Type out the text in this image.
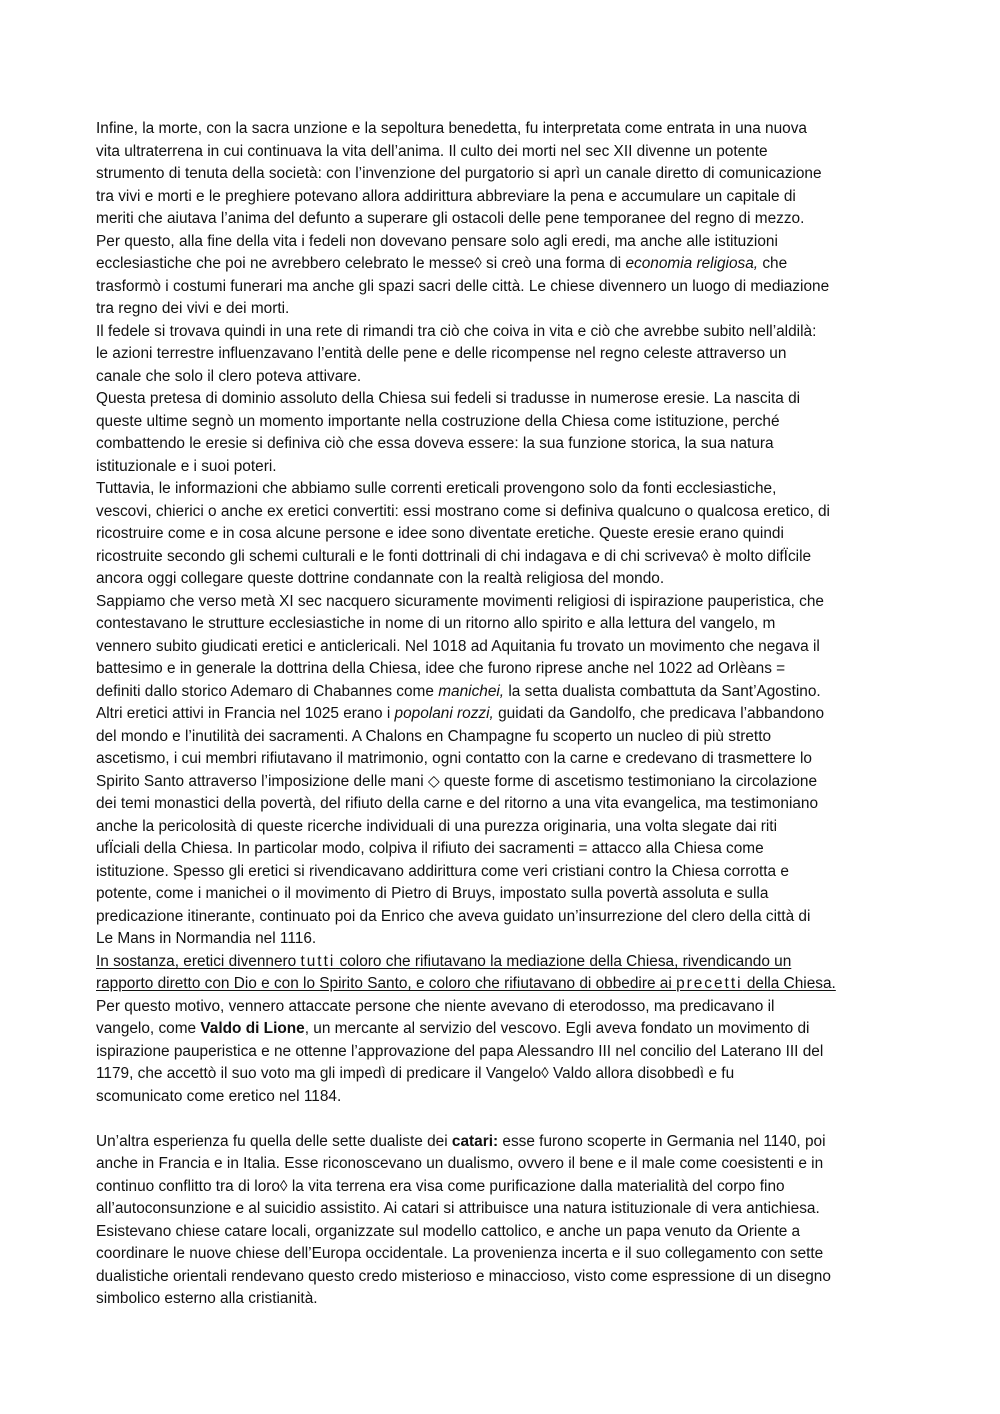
Infine, la morte, con la sacra unzione e la sepoltura benedetta, fu interpretata come entrata in una nuova
vita ultraterrena in cui continuava la vita dell’anima. Il culto dei morti nel sec XII divenne un potente
strumento di tenuta della società: con l’invenzione del purgatorio si aprì un canale diretto di comunicazione
tra vivi e morti e le preghiere potevano allora addirittura abbreviare la pena e accumulare un capitale di
meriti che aiutava l’anima del defunto a superare gli ostacoli delle pene temporanee del regno di mezzo.
Per questo, alla fine della vita i fedeli non dovevano pensare solo agli eredi, ma anche alle istituzioni
ecclesiastiche che poi ne avrebbero celebrato le messe◊ si creò una forma di economia religiosa, che
trasformò i costumi funerari ma anche gli spazi sacri delle città. Le chiese divennero un luogo di mediazione
tra regno dei vivi e dei morti.
Il fedele si trovava quindi in una rete di rimandi tra ciò che coiva in vita e ciò che avrebbe subito nell’aldilà:
le azioni terrestre influenzavano l’entità delle pene e delle ricompense nel regno celeste attraverso un
canale che solo il clero poteva attivare.
Questa pretesa di dominio assoluto della Chiesa sui fedeli si tradusse in numerose eresie. La nascita di
queste ultime segnò un momento importante nella costruzione della Chiesa come istituzione, perché
combattendo le eresie si definiva ciò che essa doveva essere: la sua funzione storica, la sua natura
istituzionale e i suoi poteri.
Tuttavia, le informazioni che abbiamo sulle correnti ereticali provengono solo da fonti ecclesiastiche,
vescovi, chierici o anche ex eretici convertiti: essi mostrano come si definiva qualcuno o qualcosa eretico, di
ricostruire come e in cosa alcune persone e idee sono diventate eretiche. Queste eresie erano quindi
ricostruite secondo gli schemi culturali e le fonti dottrinali di chi indagava e di chi scriveva◊ è molto difÏcile
ancora oggi collegare queste dottrine condannate con la realtà religiosa del mondo.
Sappiamo che verso metà XI sec nacquero sicuramente movimenti religiosi di ispirazione pauperistica, che
contestavano le strutture ecclesiastiche in nome di un ritorno allo spirito e alla lettura del vangelo, m
vennero subito giudicati eretici e anticlericali. Nel 1018 ad Aquitania fu trovato un movimento che negava il
battesimo e in generale la dottrina della Chiesa, idee che furono riprese anche nel 1022 ad Orlèans =
definiti dallo storico Ademaro di Chabannes come manichei, la setta dualista combattuta da Sant’Agostino.
Altri eretici attivi in Francia nel 1025 erano i popolani rozzi, guidati da Gandolfo, che predicava l’abbandono
del mondo e l’inutilità dei sacramenti. A Chalons en Champagne fu scoperto un nucleo di più stretto
ascetismo, i cui membri rifiutavano il matrimonio, ogni contatto con la carne e credevano di trasmettere lo
Spirito Santo attraverso l’imposizione delle mani ◇ queste forme di ascetismo testimoniano la circolazione
dei temi monastici della povertà, del rifiuto della carne e del ritorno a una vita evangelica, ma testimoniano
anche la pericolosità di queste ricerche individuali di una purezza originaria, una volta slegate dai riti
ufÏciali della Chiesa. In particolar modo, colpiva il rifiuto dei sacramenti = attacco alla Chiesa come
istituzione. Spesso gli eretici si rivendicavano addirittura come veri cristiani contro la Chiesa corrotta e
potente, come i manichei o il movimento di Pietro di Bruys, impostato sulla povertà assoluta e sulla
predicazione itinerante, continuato poi da Enrico che aveva guidato un’insurrezione del clero della città di
Le Mans in Normandia nel 1116.
In sostanza, eretici divennero tutti coloro che rifiutavano la mediazione della Chiesa, rivendicando un
rapporto diretto con Dio e con lo Spirito Santo, e coloro che rifiutavano di obbedire ai precetti della Chiesa.
Per questo motivo, vennero attaccate persone che niente avevano di eterodosso, ma predicavano il
vangelo, come Valdo di Lione, un mercante al servizio del vescovo. Egli aveva fondato un movimento di
ispirazione pauperistica e ne ottenne l’approvazione del papa Alessandro III nel concilio del Laterano III del
1179, che accettò il suo voto ma gli impedì di predicare il Vangelo◊ Valdo allora disobbedì e fu
scomunicato come eretico nel 1184.
Un’altra esperienza fu quella delle sette dualiste dei catari: esse furono scoperte in Germania nel 1140, poi
anche in Francia e in Italia. Esse riconoscevano un dualismo, ovvero il bene e il male come coesistenti e in
continuo conflitto tra di loro◊ la vita terrena era visa come purificazione dalla materialità del corpo fino
all’autoconsunzione e al suicidio assistito. Ai catari si attribuisce una natura istituzionale di vera antichiesa.
Esistevano chiese catare locali, organizzate sul modello cattolico, e anche un papa venuto da Oriente a
coordinare le nuove chiese dell’Europa occidentale. La provenienza incerta e il suo collegamento con sette
dualistiche orientali rendevano questo credo misterioso e minaccioso, visto come espressione di un disegno
simbolico esterno alla cristianità.
